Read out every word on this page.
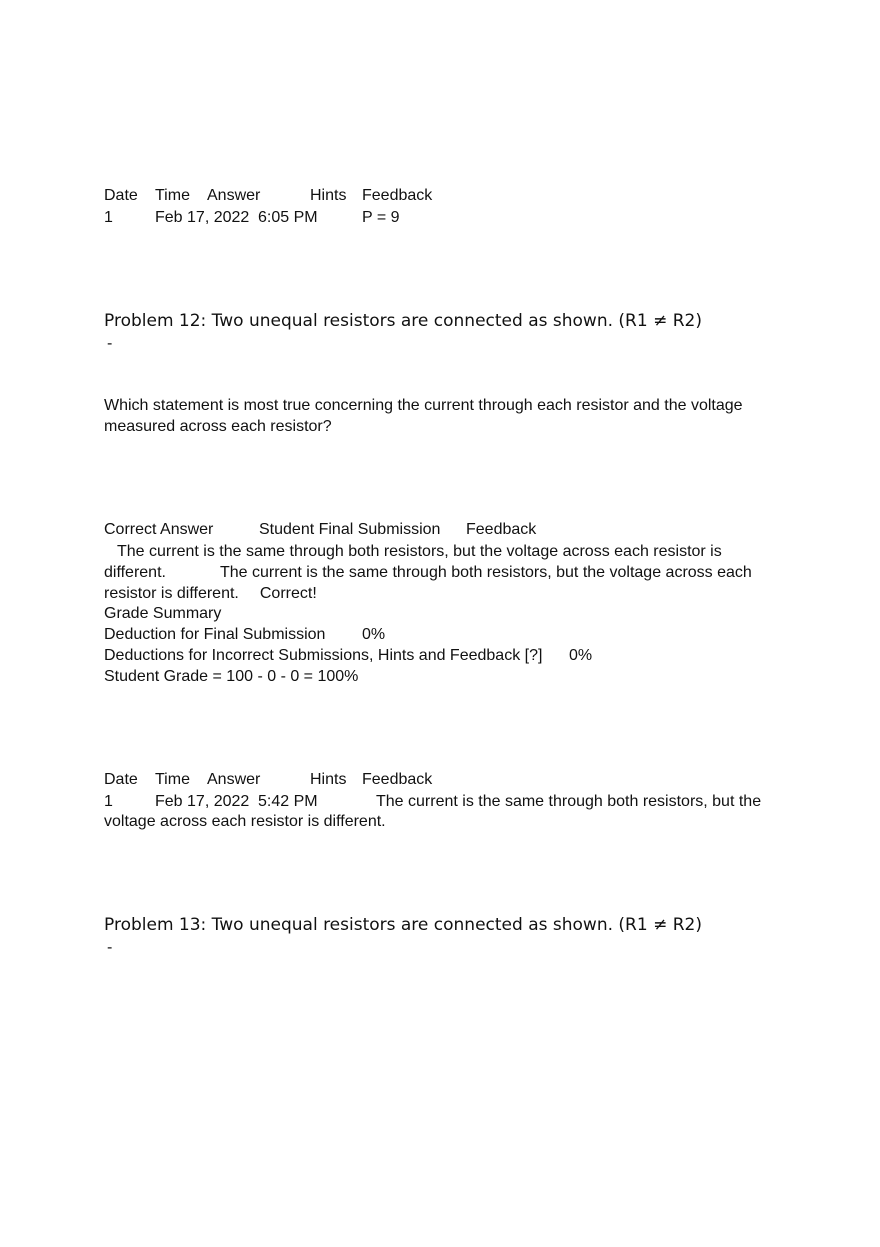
Date Time Answer	Hints Feedback
1	Feb 17, 2022 6:05 PM	P = 9
Problem 12: Two unequal resistors are connected as shown. (R1 ≠ R2)
-
Which statement is most true concerning the current through each resistor and the voltage measured across each resistor?
Correct Answer	Student Final Submission Feedback
The current is the same through both resistors, but the voltage across each resistor is different.	The current is the same through both resistors, but the voltage across each resistor is different. Correct!
Grade Summary
Deduction for Final Submission 0%
Deductions for Incorrect Submissions, Hints and Feedback [?] 0%
Student Grade = 100 - 0 - 0 = 100%
Date Time Answer	Hints Feedback
1	Feb 17, 2022 5:42 PM	The current is the same through both resistors, but the
voltage across each resistor is different.
Problem 13: Two unequal resistors are connected as shown. (R1 ≠ R2)
-
